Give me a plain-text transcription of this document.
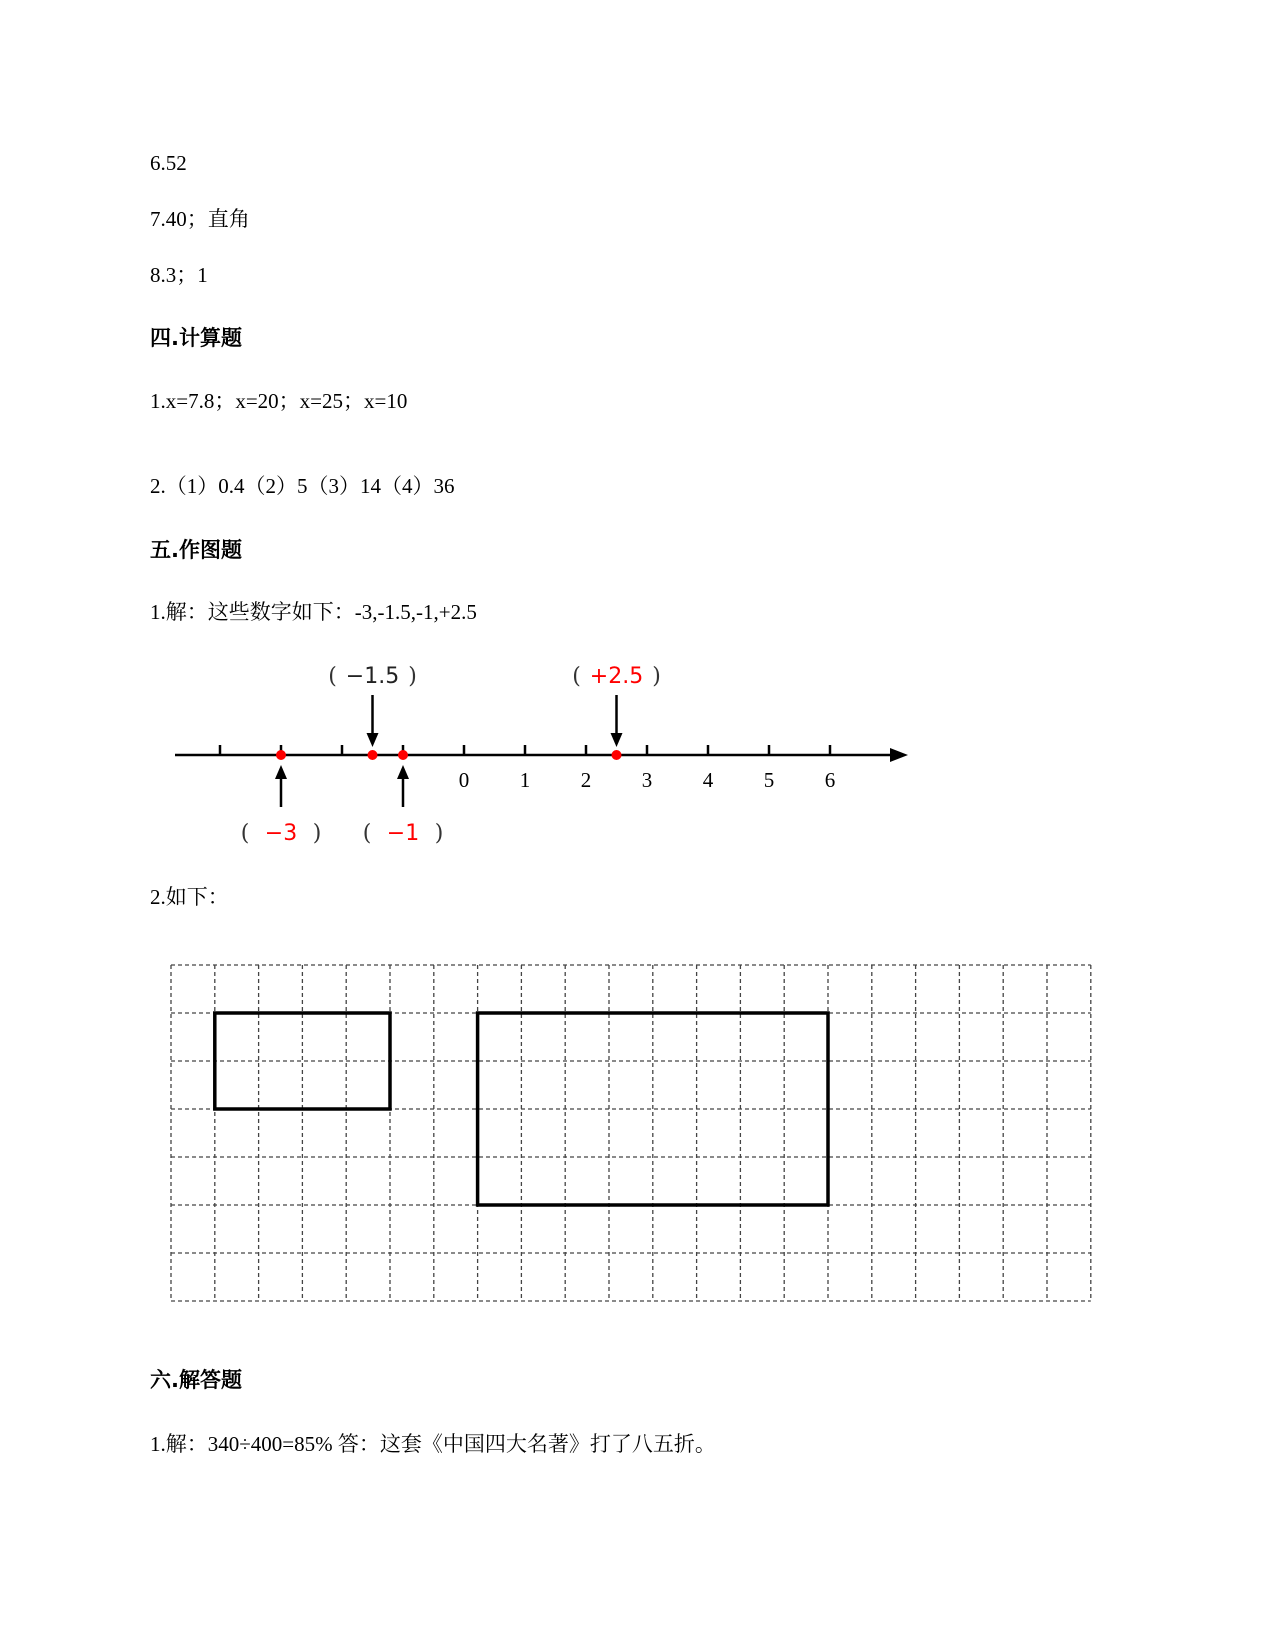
6.52
7.40；直角
8.3；1
四.计算题
1.x=7.8；x=20；x=25；x=10
2.（1）0.4（2）5（3）14（4）36
五.作图题
1.解：这些数字如下：-3,-1.5,-1,+2.5
0 1 2 3 4 5 6
( −3 )
( −1.5 )
( −1 )
( +2.5 )
2.如下：
六.解答题
1.解：340÷400=85% 答：这套《中国四大名著》打了八五折。
